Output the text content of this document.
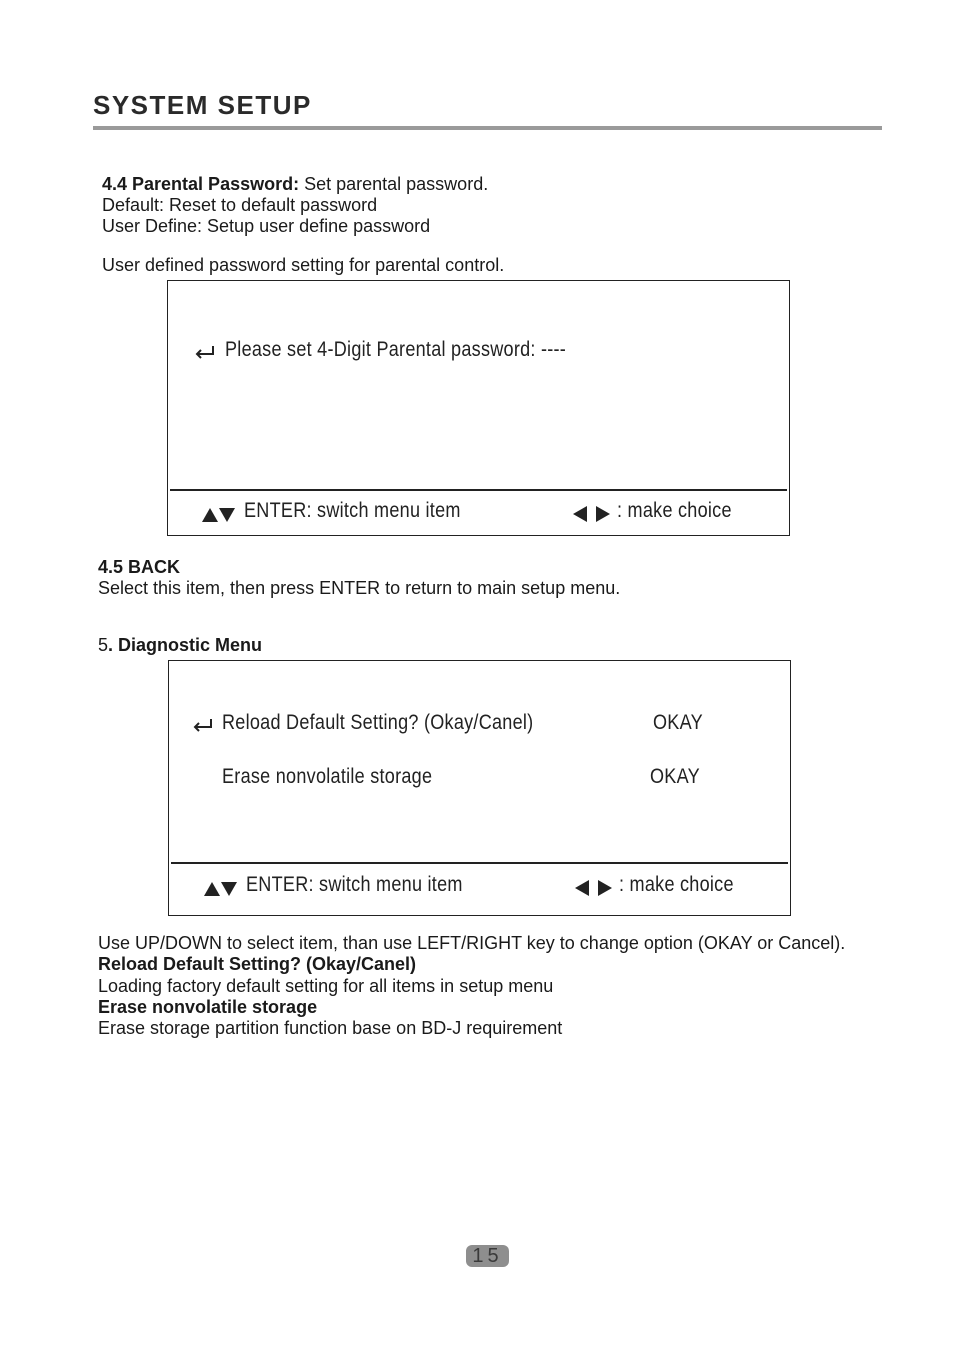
SYSTEM SETUP
4.4 Parental Password: Set parental password.
Default: Reset to default password
User Define: Setup user define password
User defined password setting for parental control.
Please set 4-Digit Parental password: ----
ENTER: switch menu item	: make choice
4.5 BACK
Select this item, then press ENTER to return to main setup menu.
5. Diagnostic Menu
Reload Default Setting? (Okay/Canel)	OKAY
Erase nonvolatile storage	OKAY
ENTER: switch menu item	: make choice
Use UP/DOWN to select item, than use LEFT/RIGHT key to change option (OKAY or Cancel).
Reload Default Setting? (Okay/Canel)
Loading factory default setting for all items in setup menu
Erase nonvolatile storage
Erase storage partition function base on BD-J requirement
15
